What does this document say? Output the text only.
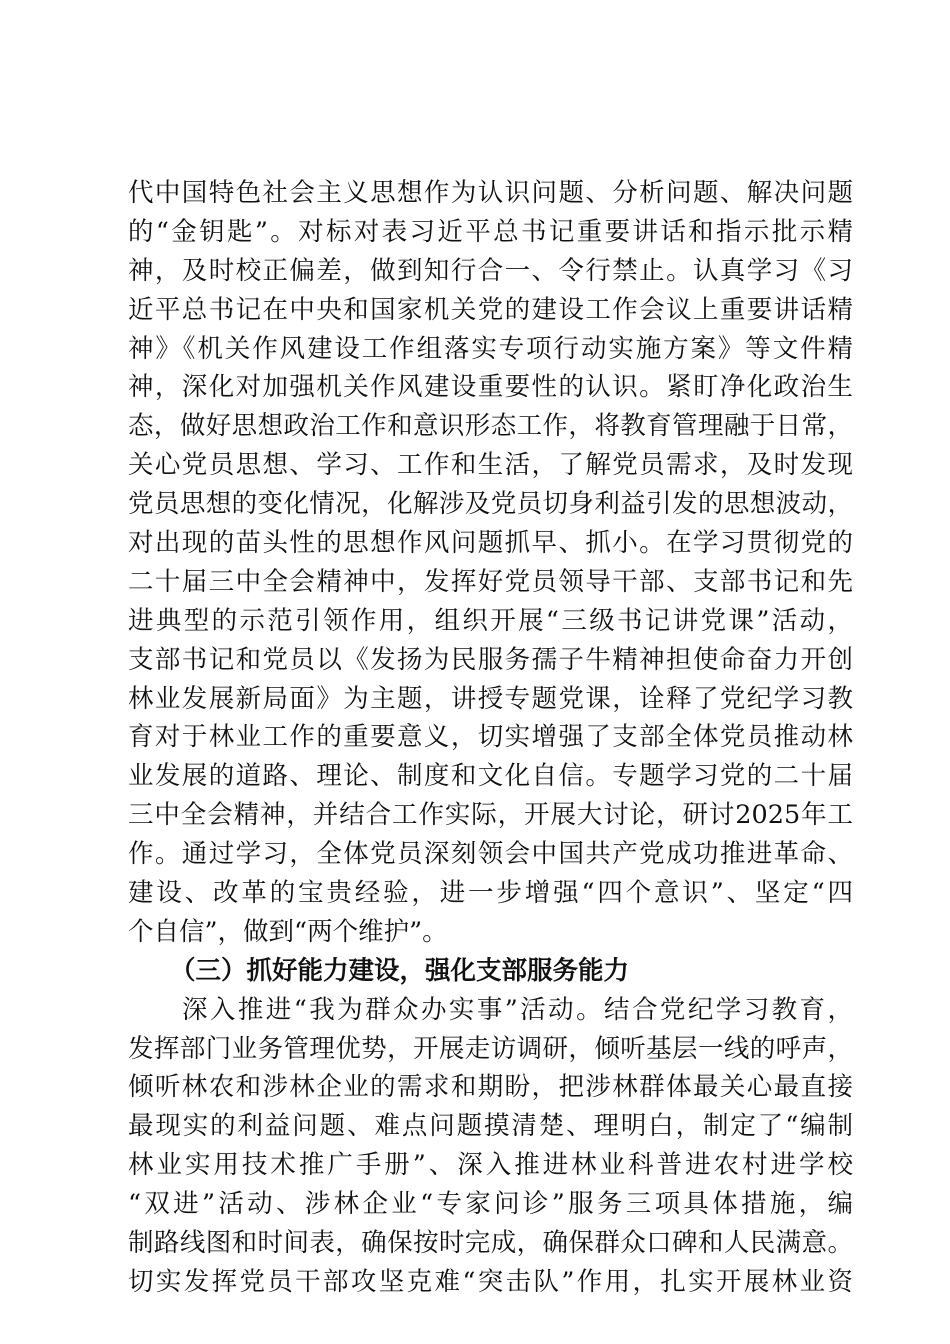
代中国特色社会主义思想作为认识问题、分析问题、解决问题
的“金钥匙”。对标对表习近平总书记重要讲话和指示批示精
神，及时校正偏差，做到知行合一、令行禁止。认真学习《习
近平总书记在中央和国家机关党的建设工作会议上重要讲话精
神》《机关作风建设工作组落实专项行动实施方案》等文件精
神，深化对加强机关作风建设重要性的认识。紧盯净化政治生
态，做好思想政治工作和意识形态工作，将教育管理融于日常，
关心党员思想、学习、工作和生活，了解党员需求，及时发现
党员思想的变化情况，化解涉及党员切身利益引发的思想波动，
对出现的苗头性的思想作风问题抓早、抓小。在学习贯彻党的
二十届三中全会精神中，发挥好党员领导干部、支部书记和先
进典型的示范引领作用，组织开展“三级书记讲党课”活动，
支部书记和党员以《发扬为民服务孺子牛精神担使命奋力开创
林业发展新局面》为主题，讲授专题党课，诠释了党纪学习教
育对于林业工作的重要意义，切实增强了支部全体党员推动林
业发展的道路、理论、制度和文化自信。专题学习党的二十届
三中全会精神，并结合工作实际，开展大讨论，研讨2025年工
作。通过学习，全体党员深刻领会中国共产党成功推进革命、
建设、改革的宝贵经验，进一步增强“四个意识”、坚定“四
个自信”，做到“两个维护”。
（三）抓好能力建设，强化支部服务能力
深入推进“我为群众办实事”活动。结合党纪学习教育，
发挥部门业务管理优势，开展走访调研，倾听基层一线的呼声，
倾听林农和涉林企业的需求和期盼，把涉林群体最关心最直接
最现实的利益问题、难点问题摸清楚、理明白，制定了“编制
林业实用技术推广手册”、深入推进林业科普进农村进学校
“双进”活动、涉林企业“专家问诊”服务三项具体措施，编
制路线图和时间表，确保按时完成，确保群众口碑和人民满意。
切实发挥党员干部攻坚克难“突击队”作用，扎实开展林业资
